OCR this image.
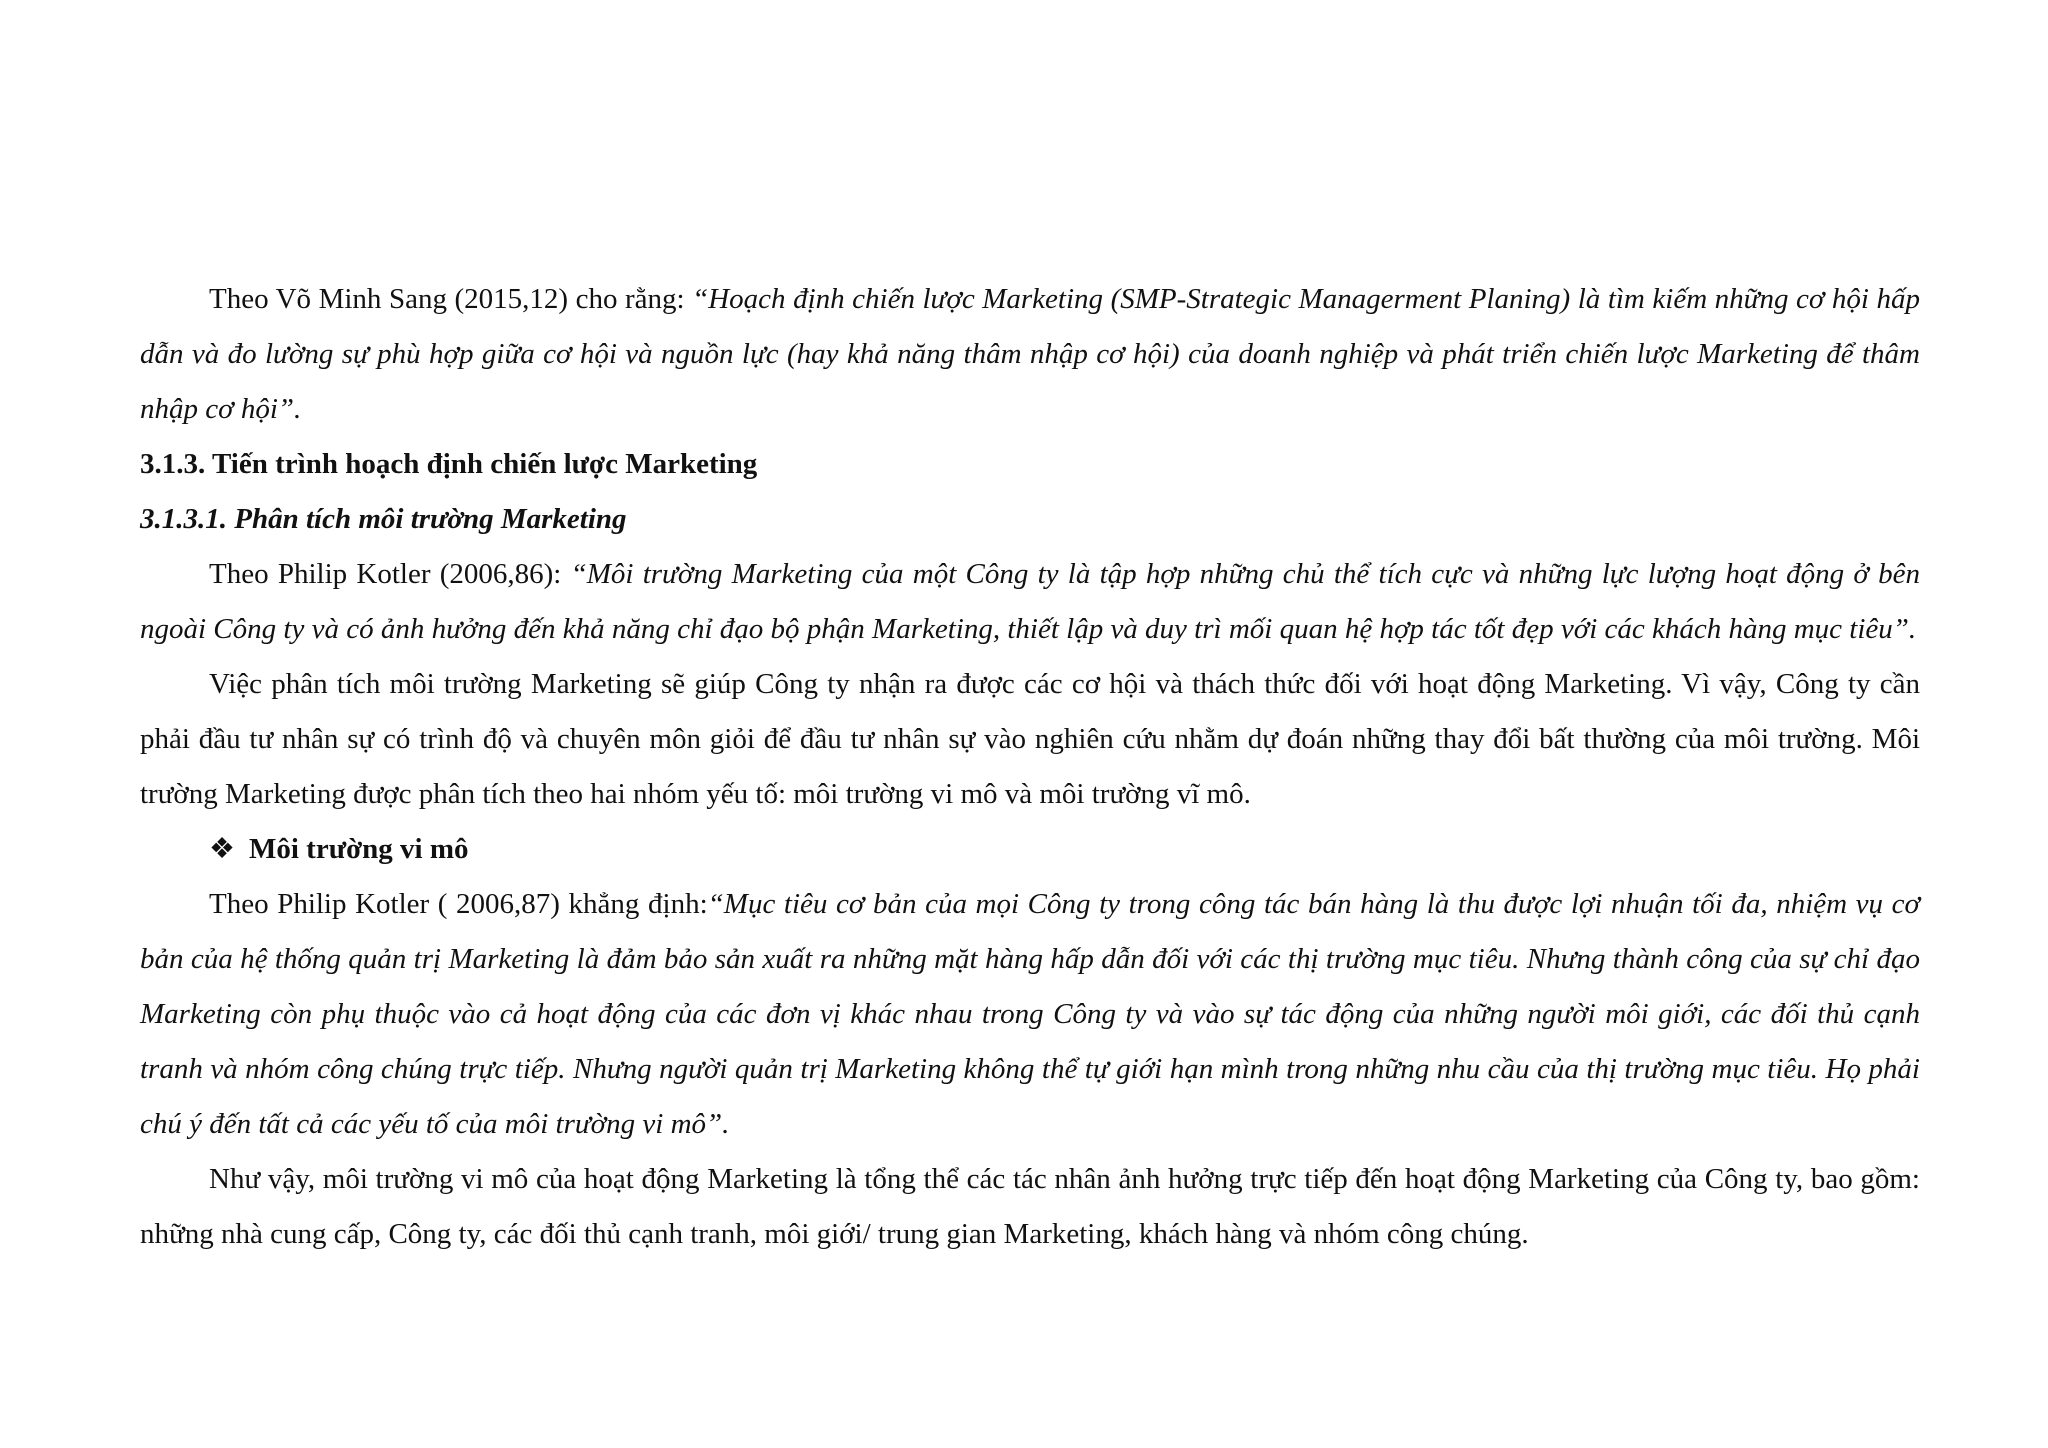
Theo Võ Minh Sang (2015,12) cho rằng: “Hoạch định chiến lược Marketing (SMP-Strategic Managerment Planing) là tìm kiếm những cơ hội hấp dẫn và đo lường sự phù hợp giữa cơ hội và nguồn lực (hay khả năng thâm nhập cơ hội) của doanh nghiệp và phát triển chiến lược Marketing để thâm nhập cơ hội”.

3.1.3. Tiến trình hoạch định chiến lược Marketing
3.1.3.1. Phân tích môi trường Marketing

Theo Philip Kotler (2006,86): “Môi trường Marketing của một Công ty là tập hợp những chủ thể tích cực và những lực lượng hoạt động ở bên ngoài Công ty và có ảnh hưởng đến khả năng chỉ đạo bộ phận Marketing, thiết lập và duy trì mối quan hệ hợp tác tốt đẹp với các khách hàng mục tiêu”.

Việc phân tích môi trường Marketing sẽ giúp Công ty nhận ra được các cơ hội và thách thức đối với hoạt động Marketing. Vì vậy, Công ty cần phải đầu tư nhân sự có trình độ và chuyên môn giỏi để đầu tư nhân sự vào nghiên cứu nhằm dự đoán những thay đổi bất thường của môi trường. Môi trường Marketing được phân tích theo hai nhóm yếu tố: môi trường vi mô và môi trường vĩ mô.

❖ Môi trường vi mô

Theo Philip Kotler ( 2006,87) khẳng định:“Mục tiêu cơ bản của mọi Công ty trong công tác bán hàng là thu được lợi nhuận tối đa, nhiệm vụ cơ bản của hệ thống quản trị Marketing là đảm bảo sản xuất ra những mặt hàng hấp dẫn đối với các thị trường mục tiêu. Nhưng thành công của sự chỉ đạo Marketing còn phụ thuộc vào cả hoạt động của các đơn vị khác nhau trong Công ty và vào sự tác động của những người môi giới, các đối thủ cạnh tranh và nhóm công chúng trực tiếp. Nhưng người quản trị Marketing không thể tự giới hạn mình trong những nhu cầu của thị trường mục tiêu. Họ phải chú ý đến tất cả các yếu tố của môi trường vi mô”.

Như vậy, môi trường vi mô của hoạt động Marketing là tổng thể các tác nhân ảnh hưởng trực tiếp đến hoạt động Marketing của Công ty, bao gồm: những nhà cung cấp, Công ty, các đối thủ cạnh tranh, môi giới/ trung gian Marketing, khách hàng và nhóm công chúng.
